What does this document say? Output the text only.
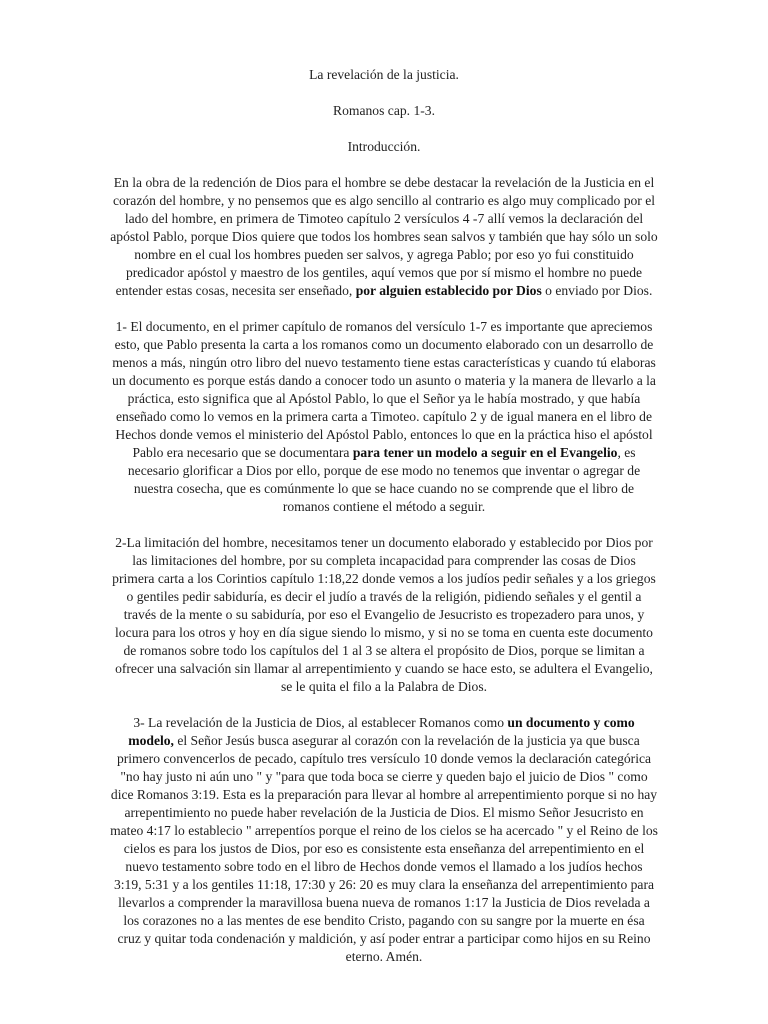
La revelación de la justicia.

Romanos cap. 1-3.

Introducción.

En la obra de la redención de Dios para el hombre se debe destacar la revelación de la Justicia en el corazón del hombre, y no pensemos que es algo sencillo al contrario es algo muy complicado por el lado del hombre, en primera de Timoteo capítulo 2 versículos 4 -7 allí vemos la declaración del apóstol Pablo, porque Dios quiere que todos los hombres sean salvos y también que hay sólo un solo nombre en el cual los hombres pueden ser salvos, y agrega Pablo; por eso yo fui constituido predicador apóstol y maestro de los gentiles, aquí vemos que por sí mismo el hombre no puede entender estas cosas, necesita ser enseñado, por alguien establecido por Dios o enviado por Dios.

1- El documento, en el primer capítulo de romanos del versículo 1-7 es importante que apreciemos esto, que Pablo presenta la carta a los romanos como un documento elaborado con un desarrollo de menos a más, ningún otro libro del nuevo testamento tiene estas características y cuando tú elaboras un documento es porque estás dando a conocer todo un asunto o materia y la manera de llevarlo a la práctica, esto significa que al Apóstol Pablo, lo que el Señor ya le había mostrado, y que había enseñado como lo vemos en la primera carta a Timoteo. capítulo 2 y de igual manera en el libro de Hechos donde vemos el ministerio del Apóstol Pablo, entonces lo que en la práctica hiso el apóstol Pablo era necesario que se documentara para tener un modelo a seguir en el Evangelio, es necesario glorificar a Dios por ello, porque de ese modo no tenemos que inventar o agregar de nuestra cosecha, que es comúnmente lo que se hace cuando no se comprende que el libro de romanos contiene el método a seguir.

2-La limitación del hombre, necesitamos tener un documento elaborado y establecido por Dios por las limitaciones del hombre, por su completa incapacidad para comprender las cosas de Dios primera carta a los Corintios capítulo 1:18,22 donde vemos a los judíos pedir señales y a los griegos o gentiles pedir sabiduría, es decir el judío a través de la religión, pidiendo señales y el gentil a través de la mente o su sabiduría, por eso el Evangelio de Jesucristo es tropezadero para unos, y locura para los otros y hoy en día sigue siendo lo mismo, y si no se toma en cuenta este documento de romanos sobre todo los capítulos del 1 al 3 se altera el propósito de Dios, porque se limitan a ofrecer una salvación sin llamar al arrepentimiento y cuando se hace esto, se adultera el Evangelio, se le quita el filo a la Palabra de Dios.

3- La revelación de la Justicia de Dios, al establecer Romanos como un documento y como modelo, el Señor Jesús busca asegurar al corazón con la revelación de la justicia ya que busca primero convencerlos de pecado, capítulo tres versículo 10 donde vemos la declaración categórica "no hay justo ni aún uno " y "para que toda boca se cierre y queden bajo el juicio de Dios " como dice Romanos 3:19. Esta es la preparación para llevar al hombre al arrepentimiento porque si no hay arrepentimiento no puede haber revelación de la Justicia de Dios. El mismo Señor Jesucristo en mateo 4:17 lo establecio " arrepentíos porque el reino de los cielos se ha acercado " y el Reino de los cielos es para los justos de Dios, por eso es consistente esta enseñanza del arrepentimiento en el nuevo testamento sobre todo en el libro de Hechos donde vemos el llamado a los judíos hechos 3:19, 5:31 y a los gentiles 11:18, 17:30 y 26: 20 es muy clara la enseñanza del arrepentimiento para llevarlos a comprender la maravillosa buena nueva de romanos 1:17 la Justicia de Dios revelada a los corazones no a las mentes de ese bendito Cristo, pagando con su sangre por la muerte en ésa cruz y quitar toda condenación y maldición, y así poder entrar a participar como hijos en su Reino eterno. Amén.
